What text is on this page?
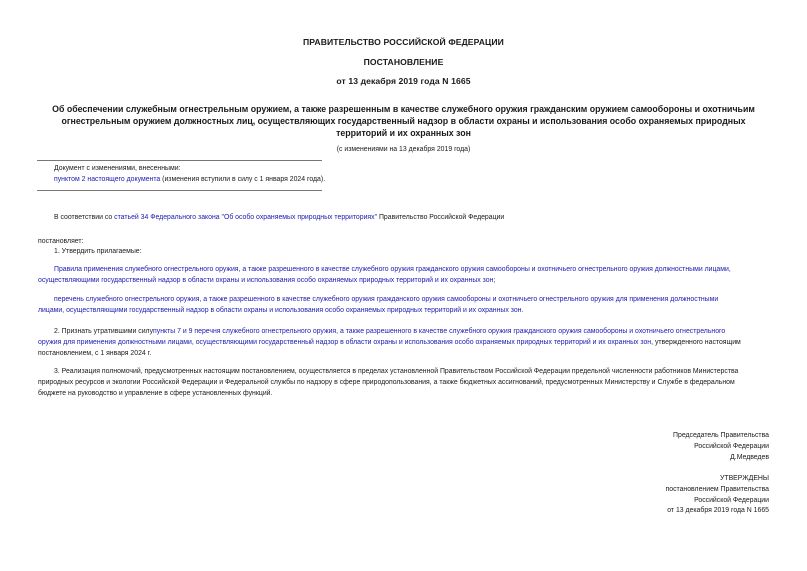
ПРАВИТЕЛЬСТВО РОССИЙСКОЙ ФЕДЕРАЦИИ
ПОСТАНОВЛЕНИЕ
от 13 декабря 2019 года N 1665
Об обеспечении служебным огнестрельным оружием, а также разрешенным в качестве служебного оружия гражданским оружием самообороны и охотничьим
огнестрельным оружием должностных лиц, осуществляющих государственный надзор в области охраны и использования особо охраняемых природных
территорий и их охранных зон
(с изменениями на 13 декабря 2019 года)
Документ с изменениями, внесенными:
пунктом 2 настоящего документа (изменения вступили в силу с 1 января 2024 года).
В соответствии со статьей 34 Федерального закона "Об особо охраняемых природных территориях" Правительство Российской Федерации
постановляет:
1. Утвердить прилагаемые:
Правила применения служебного огнестрельного оружия, а также разрешенного в качестве служебного оружия гражданского оружия самообороны и охотничьего огнестрельного оружия должностными лицами,
осуществляющими государственный надзор в области охраны и использования особо охраняемых природных территорий и их охранных зон;
перечень служебного огнестрельного оружия, а также разрешенного в качестве служебного оружия гражданского оружия самообороны и охотничьего огнестрельного оружия для применения должностными
лицами, осуществляющими государственный надзор в области охраны и использования особо охраняемых природных территорий и их охранных зон.
2. Признать утратившими силупункты 7 и 9 перечня служебного огнестрельного оружия, а также разрешенного в качестве служебного оружия гражданского оружия самообороны и охотничьего огнестрельного
оружия для применения должностными лицами, осуществляющими государственный надзор в области охраны и использования особо охраняемых природных территорий и их охранных зон, утвержденного настоящим
постановлением, с 1 января 2024 г.
3. Реализация полномочий, предусмотренных настоящим постановлением, осуществляется в пределах установленной Правительством Российской Федерации предельной численности работников Министерства
природных ресурсов и экологии Российской Федерации и Федеральной службы по надзору в сфере природопользования, а также бюджетных ассигнований, предусмотренных Министерству и Службе в федеральном
бюджете на руководство и управление в сфере установленных функций.
Председатель Правительства
Российской Федерации
Д.Медведев
УТВЕРЖДЕНЫ
постановлением Правительства
Российской Федерации
от 13 декабря 2019 года N 1665
